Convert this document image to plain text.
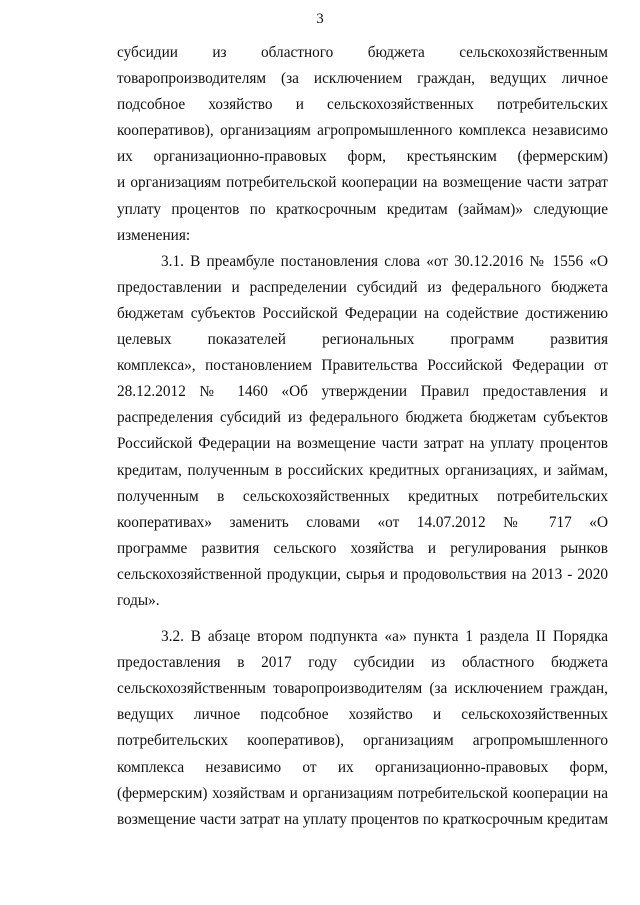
3
субсидии из областного бюджета сельскохозяйственным
товаропроизводителям (за исключением граждан, ведущих личное
подсобное хозяйство и сельскохозяйственных потребительских
кооперативов), организациям агропромышленного комплекса независимо
их организационно-правовых форм, крестьянским (фермерским)
и организациям потребительской кооперации на возмещение части затрат
уплату процентов по краткосрочным кредитам (займам)» следующие
изменения:
3.1. В преамбуле постановления слова «от 30.12.2016 № 1556 «О
предоставлении и распределении субсидий из федерального бюджета
бюджетам субъектов Российской Федерации на содействие достижению
целевых показателей региональных программ развития
комплекса», постановлением Правительства Российской Федерации от
28.12.2012 № 1460 «Об утверждении Правил предоставления и
распределения субсидий из федерального бюджета бюджетам субъектов
Российской Федерации на возмещение части затрат на уплату процентов
кредитам, полученным в российских кредитных организациях, и займам,
полученным в сельскохозяйственных кредитных потребительских
кооперативах» заменить словами «от 14.07.2012 № 717 «О
программе развития сельского хозяйства и регулирования рынков
сельскохозяйственной продукции, сырья и продовольствия на 2013 - 2020
годы».
3.2. В абзаце втором подпункта «а» пункта 1 раздела II Порядка
предоставления в 2017 году субсидии из областного бюджета
сельскохозяйственным товаропроизводителям (за исключением граждан,
ведущих личное подсобное хозяйство и сельскохозяйственных
потребительских кооперативов), организациям агропромышленного
комплекса независимо от их организационно-правовых форм,
(фермерским) хозяйствам и организациям потребительской кооперации на
возмещение части затрат на уплату процентов по краткосрочным кредитам
